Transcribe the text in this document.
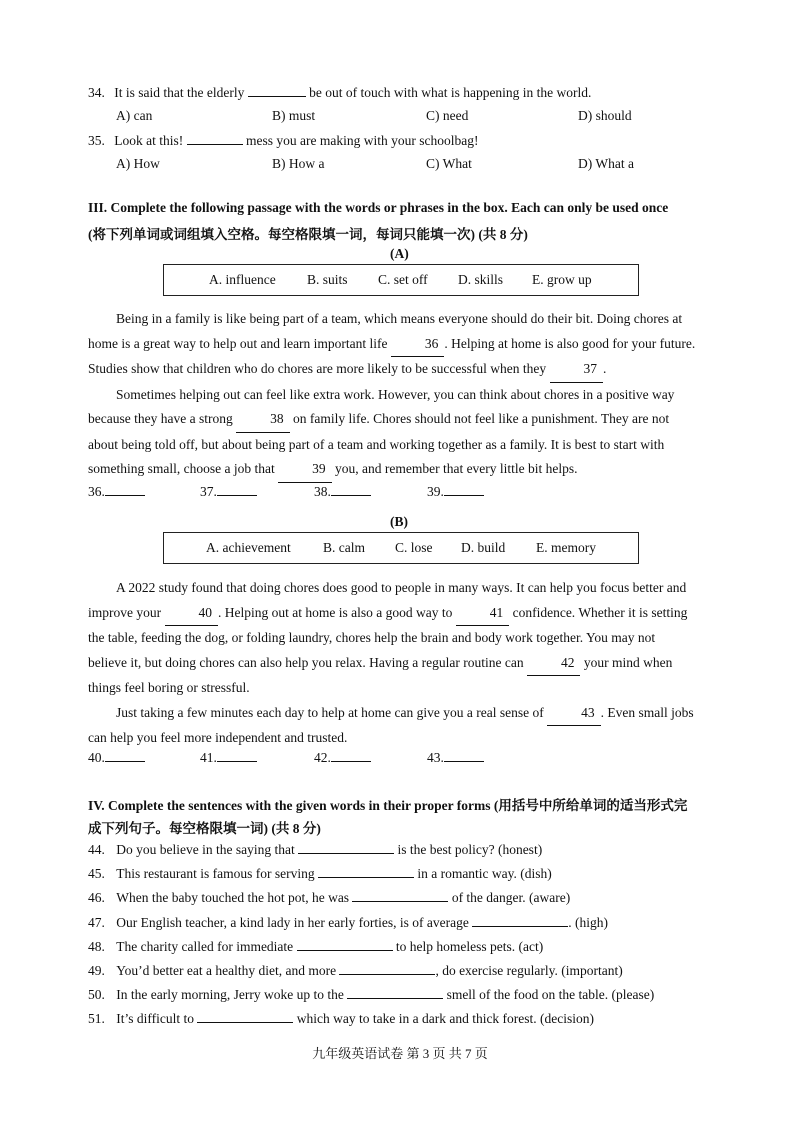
34. It is said that the elderly	be out of touch with what is happening in the world.
A) can	B) must	C) need	D) should
35. Look at this!	mess you are making with your schoolbag!
A) How	B) How a	C) What	D) What a
III. Complete the following passage with the words or phrases in the box. Each can only be used once
(将下列单词或词组填入空格。每空格限填一词，每词只能填一次) (共 8 分)
(A)
A. influence B. suits C. set off D. skills E. grow up

Being in a family is like being part of a team, which means everyone should do their bit. Doing chores at
home is a great way to help out and learn important life	36 . Helping at home is also good for your future.
Studies show that children who do chores are more likely to be successful when they	37 .

Sometimes helping out can feel like extra work. However, you can think about chores in a positive way
because they have a strong	38 on family life. Chores should not feel like a punishment. They are not
about being told off, but about being part of a team and working together as a family. It is best to start with
something small, choose a job that	39 you, and remember that every little bit helps.

36.	37.	38.	39.
(B)
A. achievement B. calm C. lose D. build E. memory

A 2022 study found that doing chores does good to people in many ways. It can help you focus better and
improve your	40 . Helping out at home is also a good way to	41 confidence. Whether it is setting
the table, feeding the dog, or folding laundry, chores help the brain and body work together. You may not
believe it, but doing chores can also help you relax. Having a regular routine can	42 your mind when
things feel boring or stressful.

Just taking a few minutes each day to help at home can give you a real sense of	43 . Even small jobs
can help you feel more independent and trusted.

40.	41.	42.	43.
IV. Complete the sentences with the given words in their proper forms (用括号中所给单词的适当形式完
成下列句子。每空格限填一词) (共 8 分)
44. Do you believe in the saying that	is the best policy? (honest)
45. This restaurant is famous for serving	in a romantic way. (dish)
46. When the baby touched the hot pot, he was	of the danger. (aware)
47. Our English teacher, a kind lady in her early forties, is of average	. (high)
48. The charity called for immediate	to help homeless pets. (act)
49. You’d better eat a healthy diet, and more	, do exercise regularly. (important)
50. In the early morning, Jerry woke up to the	smell of the food on the table. (please)
51. It’s difficult to	which way to take in a dark and thick forest. (decision)
九年级英语试卷 第 3 页 共 7 页
